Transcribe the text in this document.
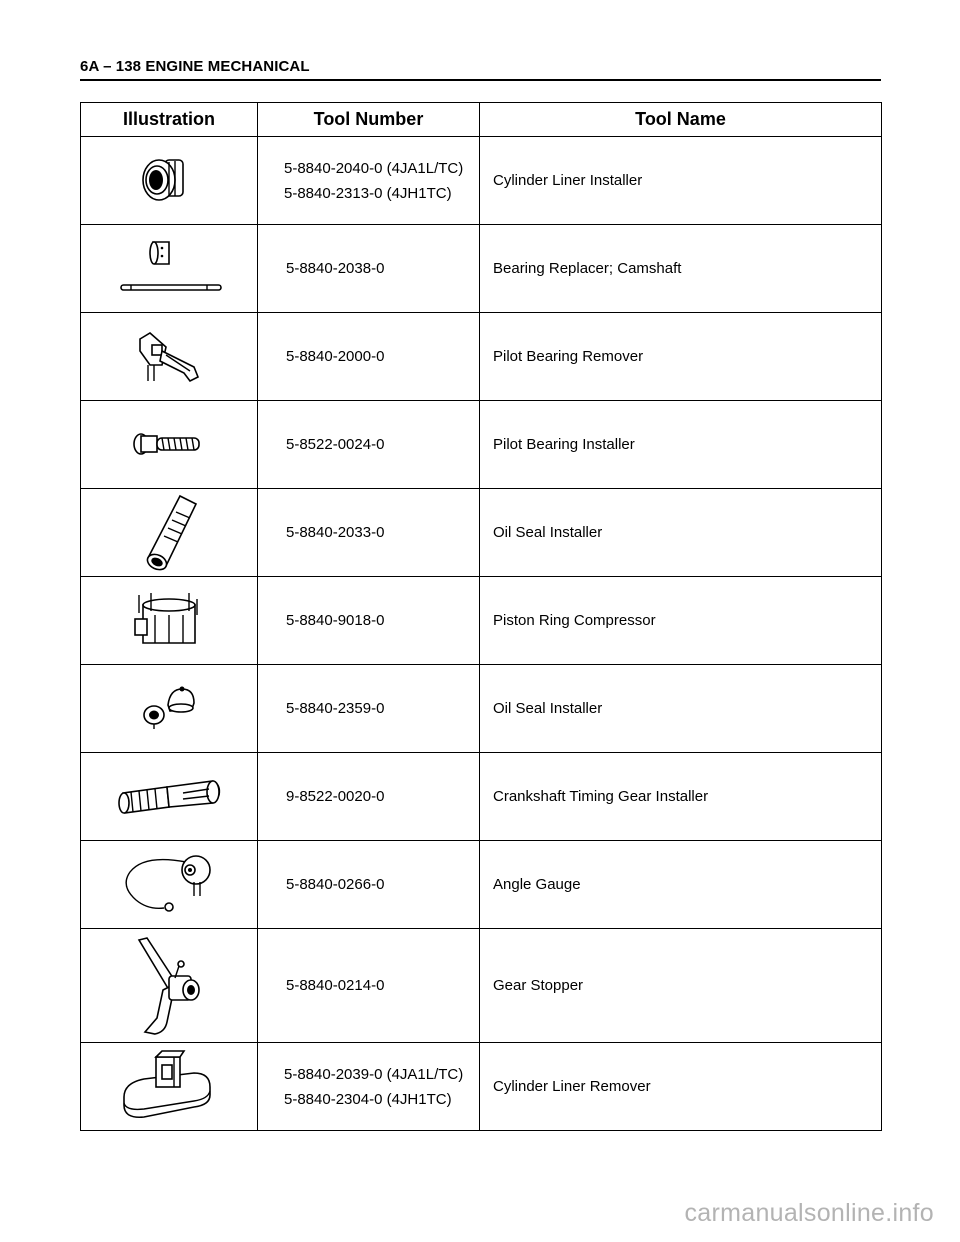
6A – 138 ENGINE MECHANICAL
Illustration	Tool Number	Tool Name

5-8840-2040-0 (4JA1L/TC)
5-8840-2313-0 (4JH1TC)	Cylinder Liner Installer

5-8840-2038-0	Bearing Replacer; Camshaft

5-8840-2000-0	Pilot Bearing Remover

5-8522-0024-0	Pilot Bearing Installer

5-8840-2033-0	Oil Seal Installer

5-8840-9018-0	Piston Ring Compressor

5-8840-2359-0	Oil Seal Installer

9-8522-0020-0	Crankshaft Timing Gear Installer

5-8840-0266-0	Angle Gauge

5-8840-0214-0	Gear Stopper

5-8840-2039-0 (4JA1L/TC)
5-8840-2304-0 (4JH1TC)	Cylinder Liner Remover
carmanualsonline.info
